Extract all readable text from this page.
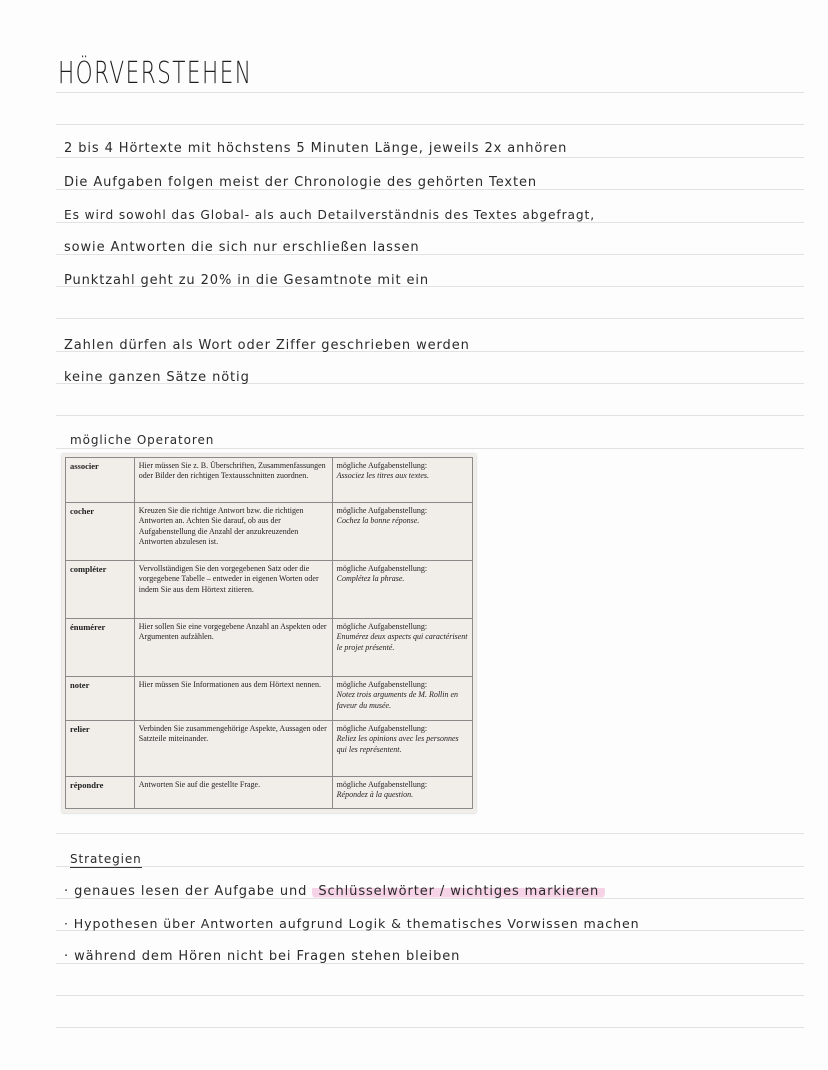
HÖRVERSTEHEN
2 bis 4 Hörtexte mit höchstens 5 Minuten Länge, jeweils 2x anhören
Die Aufgaben folgen meist der Chronologie des gehörten Texten
Es wird sowohl das Global- als auch Detailverständnis des Textes abgefragt,
sowie Antworten die sich nur erschließen lassen
Punktzahl geht zu 20% in die Gesamtnote mit ein
Zahlen dürfen als Wort oder Ziffer geschrieben werden
keine ganzen Sätze nötig
mögliche Operatoren
associer	Hier müssen Sie z. B. Überschriften, Zusammenfassungen oder Bilder den richtigen Textausschnitten zuordnen.	mögliche Aufgabenstellung:
Associez les titres aux textes.

cocher	Kreuzen Sie die richtige Antwort bzw. die richtigen Antworten an. Achten Sie darauf, ob aus der Aufgabenstellung die Anzahl der anzukreuzenden Antworten abzulesen ist.	mögliche Aufgabenstellung:
Cochez la bonne réponse.

compléter	Vervollständigen Sie den vorgegebenen Satz oder die vorgegebene Tabelle – entweder in eigenen Worten oder indem Sie aus dem Hörtext zitieren.	mögliche Aufgabenstellung:
Complétez la phrase.

énumérer	Hier sollen Sie eine vorgegebene Anzahl an Aspekten oder Argumenten aufzählen.	mögliche Aufgabenstellung:
Enumérez deux aspects qui caractérisent le projet présenté.

noter	Hier müssen Sie Informationen aus dem Hörtext nennen.	mögliche Aufgabenstellung:
Notez trois arguments de M. Rollin en faveur du musée.

relier	Verbinden Sie zusammengehörige Aspekte, Aussagen oder Satzteile miteinander.	mögliche Aufgabenstellung:
Reliez les opinions avec les personnes qui les représentent.

répondre	Antworten Sie auf die gestellte Frage.	mögliche Aufgabenstellung:
Répondez à la question.
Strategien
· genaues lesen der Aufgabe und Schlüsselwörter / wichtiges markieren
· Hypothesen über Antworten aufgrund Logik & thematisches Vorwissen machen
· während dem Hören nicht bei Fragen stehen bleiben
